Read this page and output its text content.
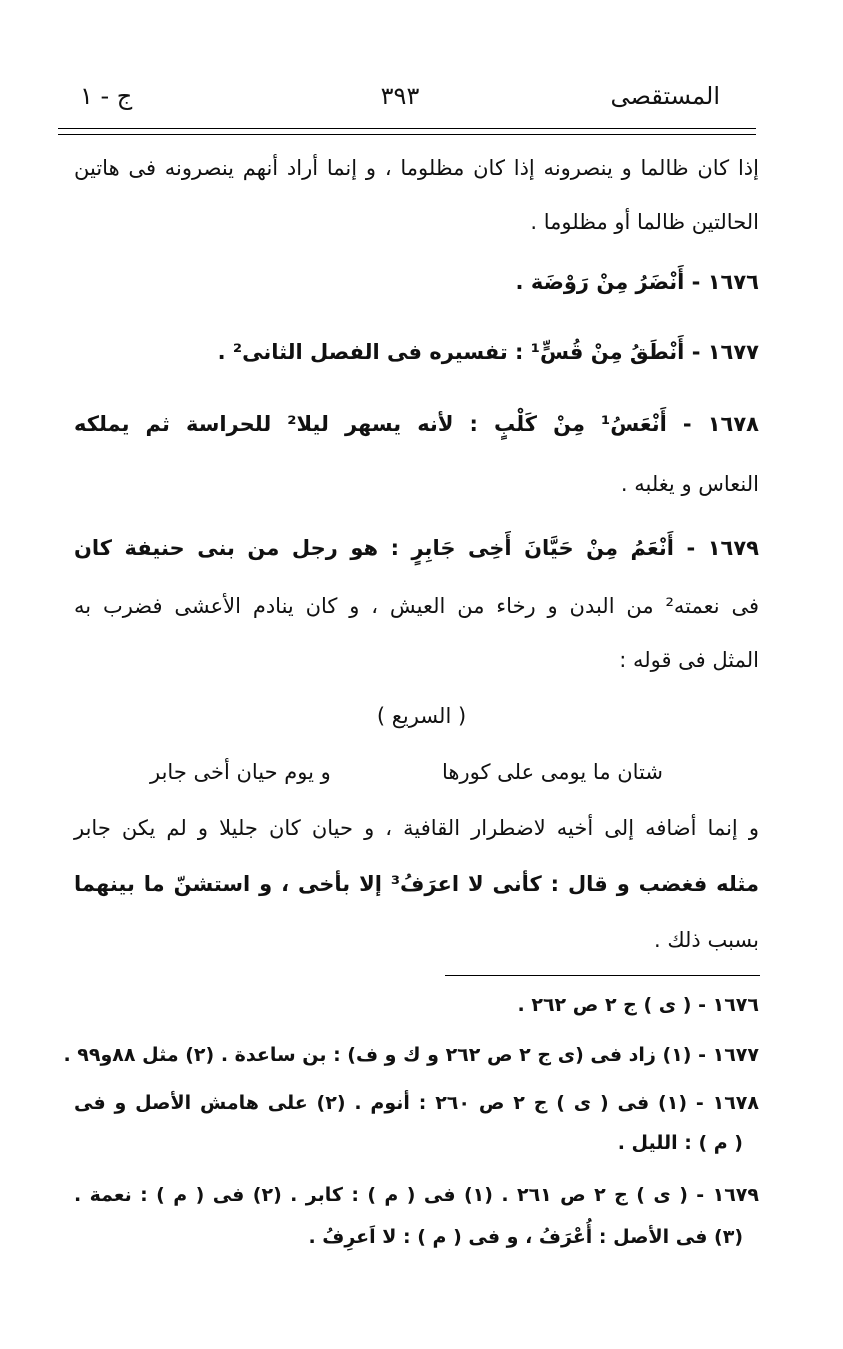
المستقصى
٣٩٣
ج - ١
إذا كان ظالما و ينصرونه إذا كان مظلوما ، و إنما أراد أنهم ينصرونه فى هاتين
الحالتين ظالما أو مظلوما .
١٦٧٦ - أَنْضَرُ مِنْ رَوْضَة .
١٦٧٧ - أَنْطَقُ مِنْ قُسٍّ¹ : تفسيره فى الفصل الثانى² .
١٦٧٨ - أَنْعَسُ¹ مِنْ كَلْبٍ : لأنه يسهر ليلا² للحراسة ثم يملكه
النعاس و يغلبه .
١٦٧٩ - أَنْعَمُ مِنْ حَيَّانَ أَخِى جَابِرٍ : هو رجل من بنى حنيفة كان
فى نعمته² من البدن و رخاء من العيش ، و كان ينادم الأعشى فضرب به
المثل فى قوله :
( السريع )
شتان ما يومى على كورها
و يوم حيان أخى جابر
و إنما أضافه إلى أخيه لاضطرار القافية ، و حيان كان جليلا و لم يكن جابر
مثله فغضب و قال : كأنى لا اعرَفُ³ إلا بأخى ، و استشنّ ما بينهما
بسبب ذلك .
١٦٧٦ - ( ى ) ج ٢ ص ٢٦٢ .
١٦٧٧ - (١) زاد فى (ى ج ٢ ص ٢٦٢ و ك و ف) : بن ساعدة . (٢) مثل ٨٨و٩٩ .
١٦٧٨ - (١) فى ( ى ) ج ٢ ص ٢٦٠ : أنوم . (٢) على هامش الأصل و فى
( م ) : الليل .
١٦٧٩ - ( ى ) ج ٢ ص ٢٦١ . (١) فى ( م ) : كابر . (٢) فى ( م ) : نعمة .
(٣) فى الأصل : أُعْرَفُ ، و فى ( م ) : لا اَعرِفُ .
